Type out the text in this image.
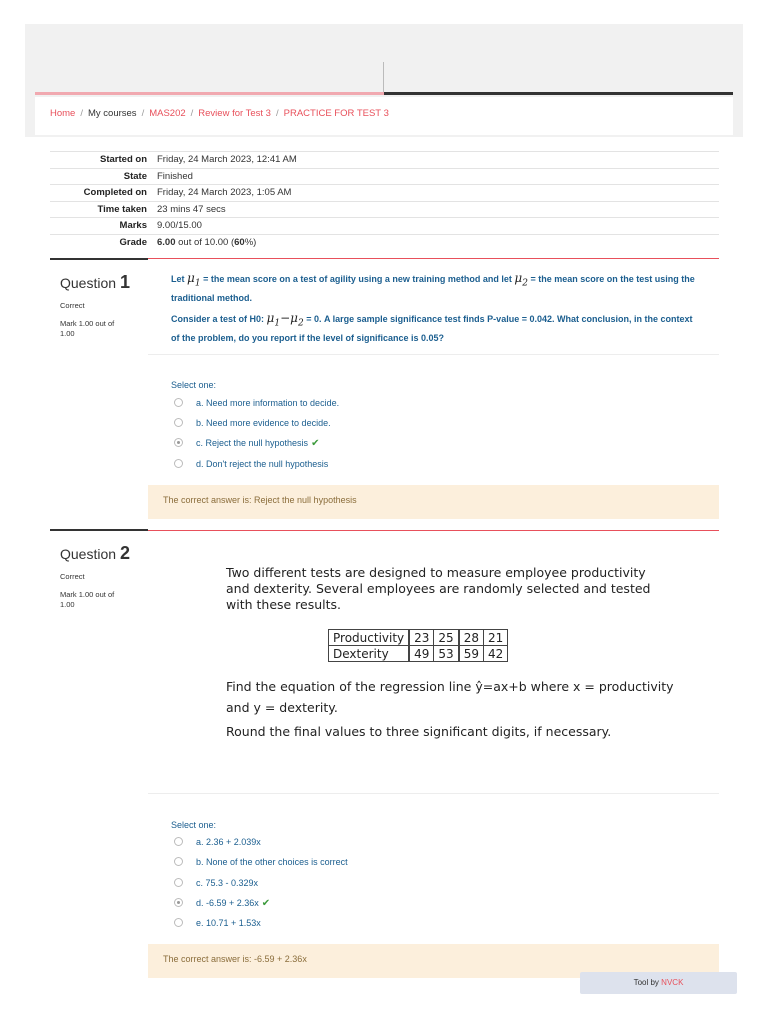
Home / My courses / MAS202 / Review for Test 3 / PRACTICE FOR TEST 3
Started on	Friday, 24 March 2023, 12:41 AM
State	Finished
Completed on	Friday, 24 March 2023, 1:05 AM
Time taken	23 mins 47 secs
Marks	9.00/15.00
Grade	6.00 out of 10.00 (60%)
Question 1
Correct
Mark 1.00 out of 1.00

Let $\mu_1$ = the mean score on a test of agility using a new training method and let $\mu_2$ = the mean score on the test using the traditional method.

Consider a test of H0: $\mu_1-\mu_2 = 0$. A large sample significance test finds P-value = 0.042. What conclusion, in the context of the problem, do you report if the level of significance is 0.05?

Select one:
a. Need more information to decide.
b. Need more evidence to decide.
c. Reject the null hypothesis ✔
d. Don't reject the null hypothesis
The correct answer is: Reject the null hypothesis
Question 2
Correct
Mark 1.00 out of 1.00
Two different tests are designed to measure employee productivity
and dexterity. Several employees are randomly selected and tested
with these results.
Productivity	23	25	28	21
Dexterity	49	53	59	42
Find the equation of the regression line ŷ=ax+b where x = productivity
and y = dexterity.
Round the final values to three significant digits, if necessary.
Select one:
a. 2.36 + 2.039x
b. None of the other choices is correct
c. 75.3 - 0.329x
d. -6.59 + 2.36x ✔
e. 10.71 + 1.53x
The correct answer is: -6.59 + 2.36x
Tool by NVCK
